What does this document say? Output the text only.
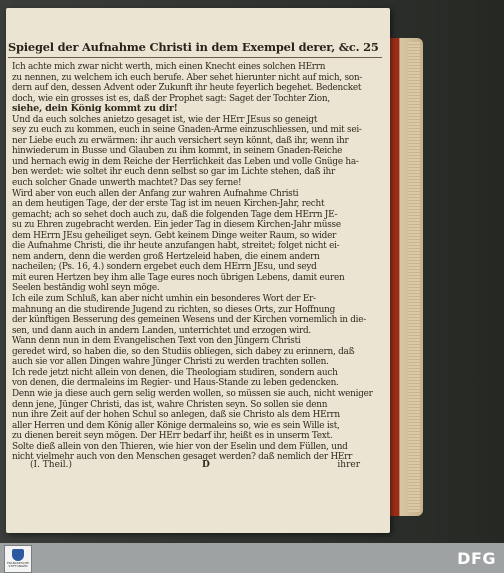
Spiegel der Aufnahme Christi in dem Exempel derer, &c. 25
Ich achte mich zwar nicht werth, mich einen Knecht eines solchen HErrn
zu nennen, zu welchem ich euch berufe. Aber sehet hierunter nicht auf mich, son-
dern auf den, dessen Advent oder Zukunft ihr heute feyerlich begehet. Bedencket
doch, wie ein grosses ist es, daß der Prophet sagt: Saget der Tochter Zion,
siehe, dein König kommt zu dir!
Und da euch solches anietzo gesaget ist, wie der HErr JEsus so geneigt
sey zu euch zu kommen, euch in seine Gnaden-Arme einzuschliessen, und mit sei-
ner Liebe euch zu erwärmen: ihr auch versichert seyn könnt, daß ihr, wenn ihr
hinwiederum in Busse und Glauben zu ihm kommt, in seinem Gnaden-Reiche
und hernach ewig in dem Reiche der Herrlichkeit das Leben und volle Gnüge ha-
ben werdet: wie soltet ihr euch denn selbst so gar im Lichte stehen, daß ihr
euch solcher Gnade unwerth machtet? Das sey ferne!
Wird aber von euch allen der Anfang zur wahren Aufnahme Christi
an dem heutigen Tage, der der erste Tag ist im neuen Kirchen-Jahr, recht
gemacht; ach so sehet doch auch zu, daß die folgenden Tage dem HErrn JE-
su zu Ehren zugebracht werden. Ein jeder Tag in diesem Kirchen-Jahr müsse
dem HErrn JEsu geheiliget seyn. Gebt keinem Dinge weiter Raum, so wider
die Aufnahme Christi, die ihr heute anzufangen habt, streitet; folget nicht ei-
nem andern, denn die werden groß Hertzeleid haben, die einem andern
nacheilen; (Ps. 16, 4.) sondern ergebet euch dem HErrn JEsu, und seyd
mit euren Hertzen bey ihm alle Tage eures noch übrigen Lebens, damit euren
Seelen beständig wohl seyn möge.
Ich eile zum Schluß, kan aber nicht umhin ein besonderes Wort der Er-
mahnung an die studirende Jugend zu richten, so dieses Orts, zur Hoffnung
der künftigen Besserung des gemeinen Wesens und der Kirchen vornemlich in die-
sen, und dann auch in andern Landen, unterrichtet und erzogen wird.
Wann denn nun in dem Evangelischen Text von den Jüngern Christi
geredet wird, so haben die, so den Studiis obliegen, sich dabey zu erinnern, daß
auch sie vor allen Dingen wahre Jünger Christi zu werden trachten sollen.
Ich rede jetzt nicht allein von denen, die Theologiam studiren, sondern auch
von denen, die dermaleins im Regier- und Haus-Stande zu leben gedencken.
Denn wie ja diese auch gern selig werden wollen, so müssen sie auch, nicht weniger
denn jene, Jünger Christi, das ist, wahre Christen seyn. So sollen sie denn
nun ihre Zeit auf der hohen Schul so anlegen, daß sie Christo als dem HErrn
aller Herren und dem König aller Könige dermaleins so, wie es sein Wille ist,
zu dienen bereit seyn mögen. Der HErr bedarf ihr, heißt es in unserm Text.
Solte dieß allein von den Thieren, wie hier von der Eselin und dem Füllen, und
nicht vielmehr auch von den Menschen gesaget werden? daß nemlich der HErr
(I. Theil.)	D	ihrer
FRANCKESCHE STIFTUNGEN	DFG
